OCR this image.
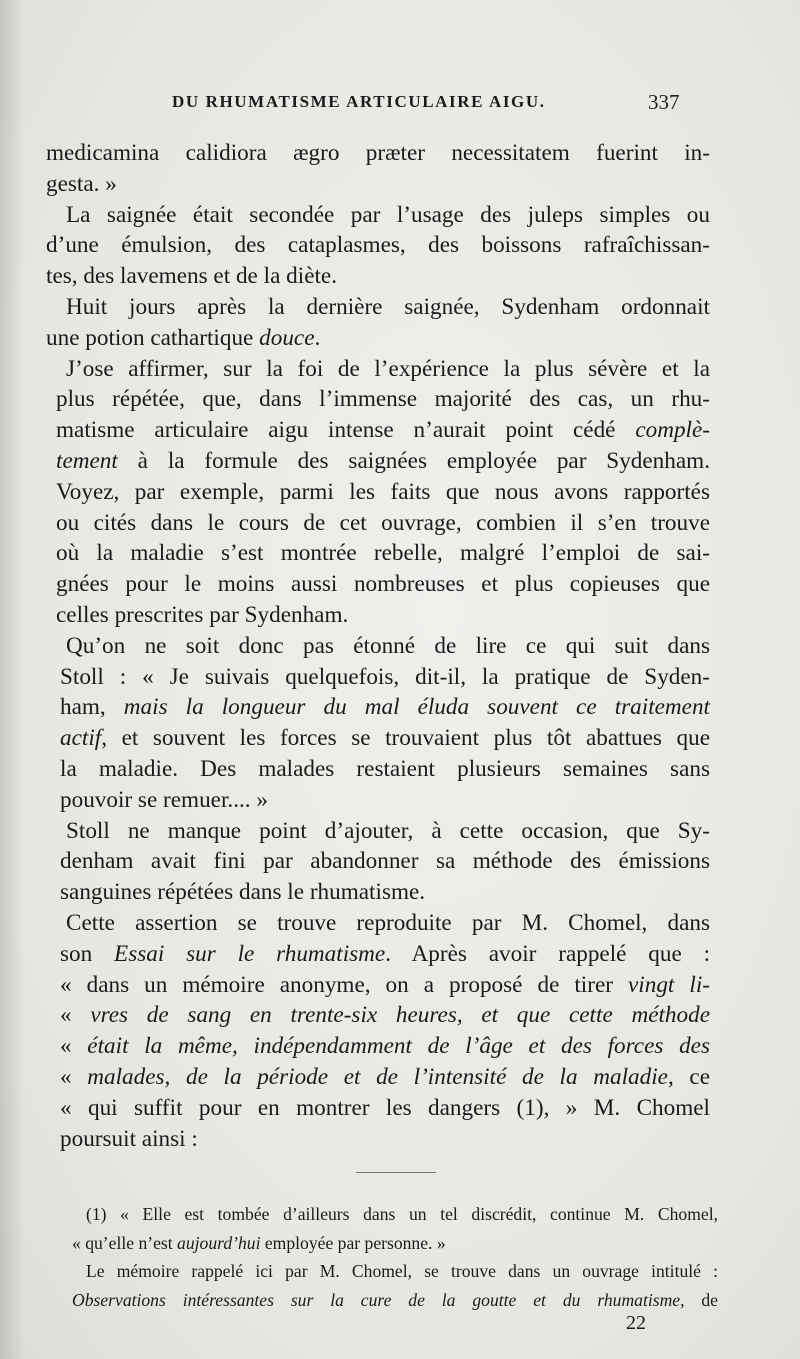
DU RHUMATISME ARTICULAIRE AIGU.	337
medicamina calidiora ægro præter necessitatem fuerint in-
gesta. »
La saignée était secondée par l’usage des juleps simples ou
d’une émulsion, des cataplasmes, des boissons rafraîchissan-
tes, des lavemens et de la diète.
Huit jours après la dernière saignée, Sydenham ordonnait
une potion cathartique douce.
J’ose affirmer, sur la foi de l’expérience la plus sévère et la
plus répétée, que, dans l’immense majorité des cas, un rhu-
matisme articulaire aigu intense n’aurait point cédé complè-
tement à la formule des saignées employée par Sydenham.
Voyez, par exemple, parmi les faits que nous avons rapportés
ou cités dans le cours de cet ouvrage, combien il s’en trouve
où la maladie s’est montrée rebelle, malgré l’emploi de sai-
gnées pour le moins aussi nombreuses et plus copieuses que
celles prescrites par Sydenham.
Qu’on ne soit donc pas étonné de lire ce qui suit dans
Stoll : « Je suivais quelquefois, dit-il, la pratique de Syden-
ham, mais la longueur du mal éluda souvent ce traitement
actif, et souvent les forces se trouvaient plus tôt abattues que
la maladie. Des malades restaient plusieurs semaines sans
pouvoir se remuer.... »
Stoll ne manque point d’ajouter, à cette occasion, que Sy-
denham avait fini par abandonner sa méthode des émissions
sanguines répétées dans le rhumatisme.
Cette assertion se trouve reproduite par M. Chomel, dans
son Essai sur le rhumatisme. Après avoir rappelé que :
« dans un mémoire anonyme, on a proposé de tirer vingt li-
« vres de sang en trente-six heures, et que cette méthode
« était la même, indépendamment de l’âge et des forces des
« malades, de la période et de l’intensité de la maladie, ce
« qui suffit pour en montrer les dangers (1), » M. Chomel
poursuit ainsi :
(1) « Elle est tombée d’ailleurs dans un tel discrédit, continue M. Chomel,
« qu’elle n’est aujourd’hui employée par personne. »
Le mémoire rappelé ici par M. Chomel, se trouve dans un ouvrage intitulé :
Observations intéressantes sur la cure de la goutte et du rhumatisme, de
22
